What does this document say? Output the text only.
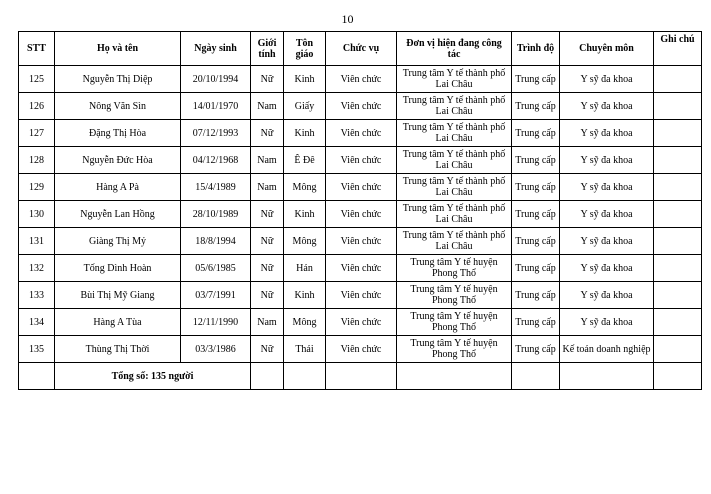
10
STT	Họ và tên	Ngày sinh	Giới tính	Tôn giáo	Chức vụ	Đơn vị hiện đang công tác	Trình độ	Chuyên môn	Ghi chú
125	Nguyễn Thị Diệp	20/10/1994	Nữ	Kinh	Viên chức	Trung tâm Y tế thành phố Lai Châu	Trung cấp	Y sỹ đa khoa	
126	Nông Văn Sìn	14/01/1970	Nam	Giấy	Viên chức	Trung tâm Y tế thành phố Lai Châu	Trung cấp	Y sỹ đa khoa	
127	Đặng Thị Hòa	07/12/1993	Nữ	Kinh	Viên chức	Trung tâm Y tế thành phố Lai Châu	Trung cấp	Y sỹ đa khoa	
128	Nguyễn Đức Hòa	04/12/1968	Nam	Ê Đê	Viên chức	Trung tâm Y tế thành phố Lai Châu	Trung cấp	Y sỹ đa khoa	
129	Hàng A Pà	15/4/1989	Nam	Mông	Viên chức	Trung tâm Y tế thành phố Lai Châu	Trung cấp	Y sỹ đa khoa	
130	Nguyễn Lan Hồng	28/10/1989	Nữ	Kinh	Viên chức	Trung tâm Y tế thành phố Lai Châu	Trung cấp	Y sỹ đa khoa	
131	Giàng Thị Mỷ	18/8/1994	Nữ	Mông	Viên chức	Trung tâm Y tế thành phố Lai Châu	Trung cấp	Y sỹ đa khoa	
132	Tống Dình Hoàn	05/6/1985	Nữ	Hán	Viên chức	Trung tâm Y tế huyện Phong Thổ	Trung cấp	Y sỹ đa khoa	
133	Bùi Thị Mỹ Giang	03/7/1991	Nữ	Kinh	Viên chức	Trung tâm Y tế huyện Phong Thổ	Trung cấp	Y sỹ đa khoa	
134	Hàng A Tùa	12/11/1990	Nam	Mông	Viên chức	Trung tâm Y tế huyện Phong Thổ	Trung cấp	Y sỹ đa khoa	
135	Thùng Thị Thời	03/3/1986	Nữ	Thái	Viên chức	Trung tâm Y tế huyện Phong Thổ	Trung cấp	Kế toán doanh nghiệp	
	Tổng số: 135 người								
